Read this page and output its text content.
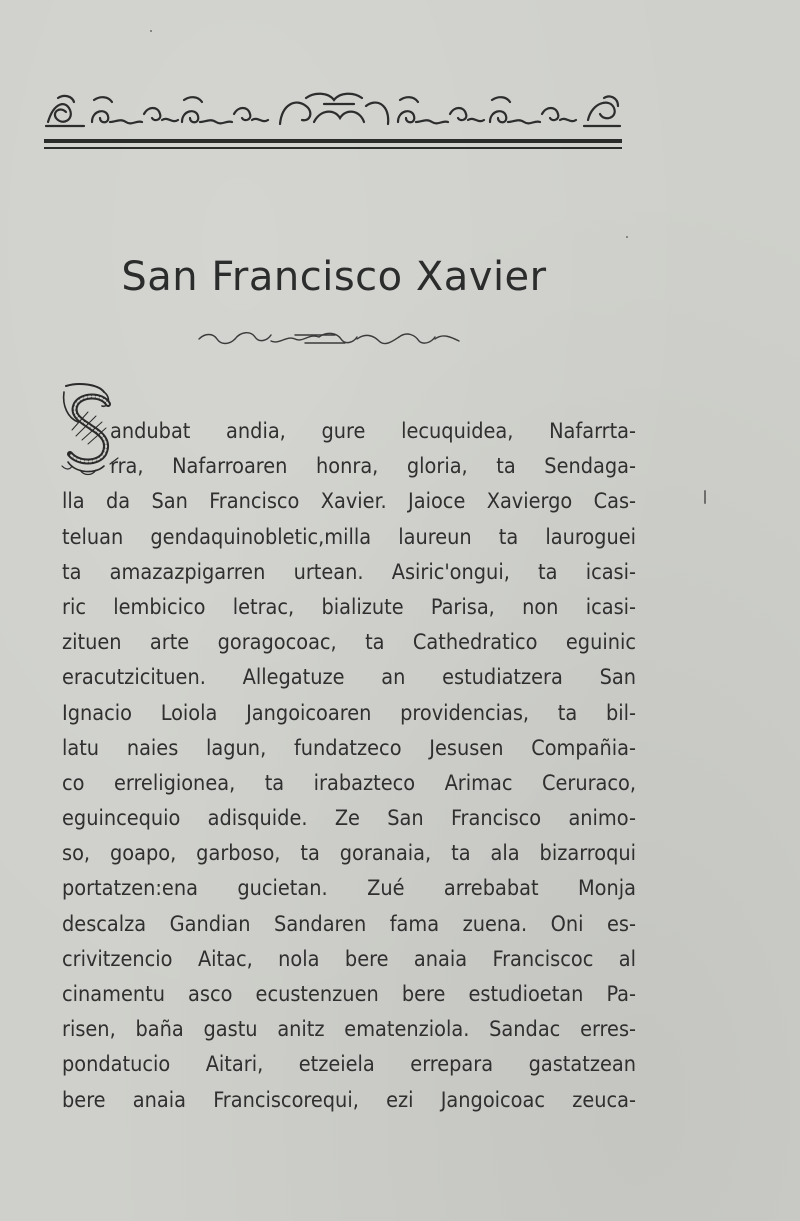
San Francisco Xavier
andubat andia, gure lecuquidea, Nafarrta-
rra, Nafarroaren honra, gloria, ta Sendaga-
lla da San Francisco Xavier. Jaioce Xaviergo Cas-
teluan gendaquinobletic,milla laureun ta lauroguei
ta amazazpigarren urtean. Asiric'ongui, ta icasi-
ric lembicico letrac, bializute Parisa, non icasi-
zituen arte goragocoac, ta Cathedratico eguinic
eracutzicituen. Allegatuze an estudiatzera San
Ignacio Loiola Jangoicoaren providencias, ta bil-
latu naies lagun, fundatzeco Jesusen Compañia-
co erreligionea, ta irabazteco Arimac Ceruraco,
eguincequio adisquide. Ze San Francisco animo-
so, goapo, garboso, ta goranaia, ta ala bizarroqui
portatzen:ena gucietan. Zué arrebabat Monja
descalza Gandian Sandaren fama zuena. Oni es-
crivitzencio Aitac, nola bere anaia Franciscoc al
cinamentu asco ecustenzuen bere estudioetan Pa-
risen, baña gastu anitz ematenziola. Sandac erres-
pondatucio Aitari, etzeiela errepara gastatzean
bere anaia Franciscorequi, ezi Jangoicoac zeuca-
